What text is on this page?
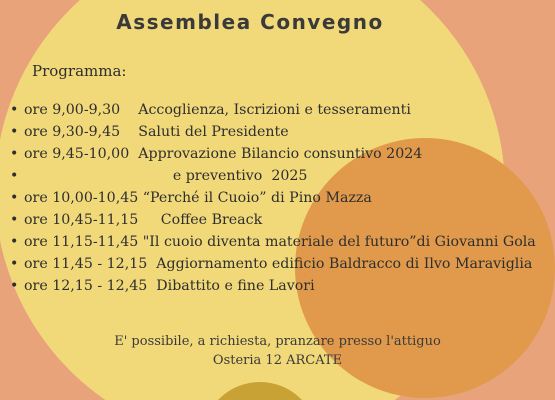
Assemblea Convegno
Programma:
• ore 9,00-9,30    Accoglienza, Iscrizioni e tesseramenti
• ore 9,30-9,45    Saluti del Presidente
• ore 9,45-10,00  Approvazione Bilancio consuntivo 2024
•                                 e preventivo  2025
• ore 10,00-10,45 “Perché il Cuoio” di Pino Mazza
• ore 10,45-11,15     Coffee Breack
• ore 11,15-11,45 "Il cuoio diventa materiale del futuro”di Giovanni Gola
• ore 11,45 - 12,15  Aggiornamento edificio Baldracco di Ilvo Maraviglia
• ore 12,15 - 12,45  Dibattito e fine Lavori
E' possibile, a richiesta, pranzare presso l'attiguo
Osteria 12 ARCATE
